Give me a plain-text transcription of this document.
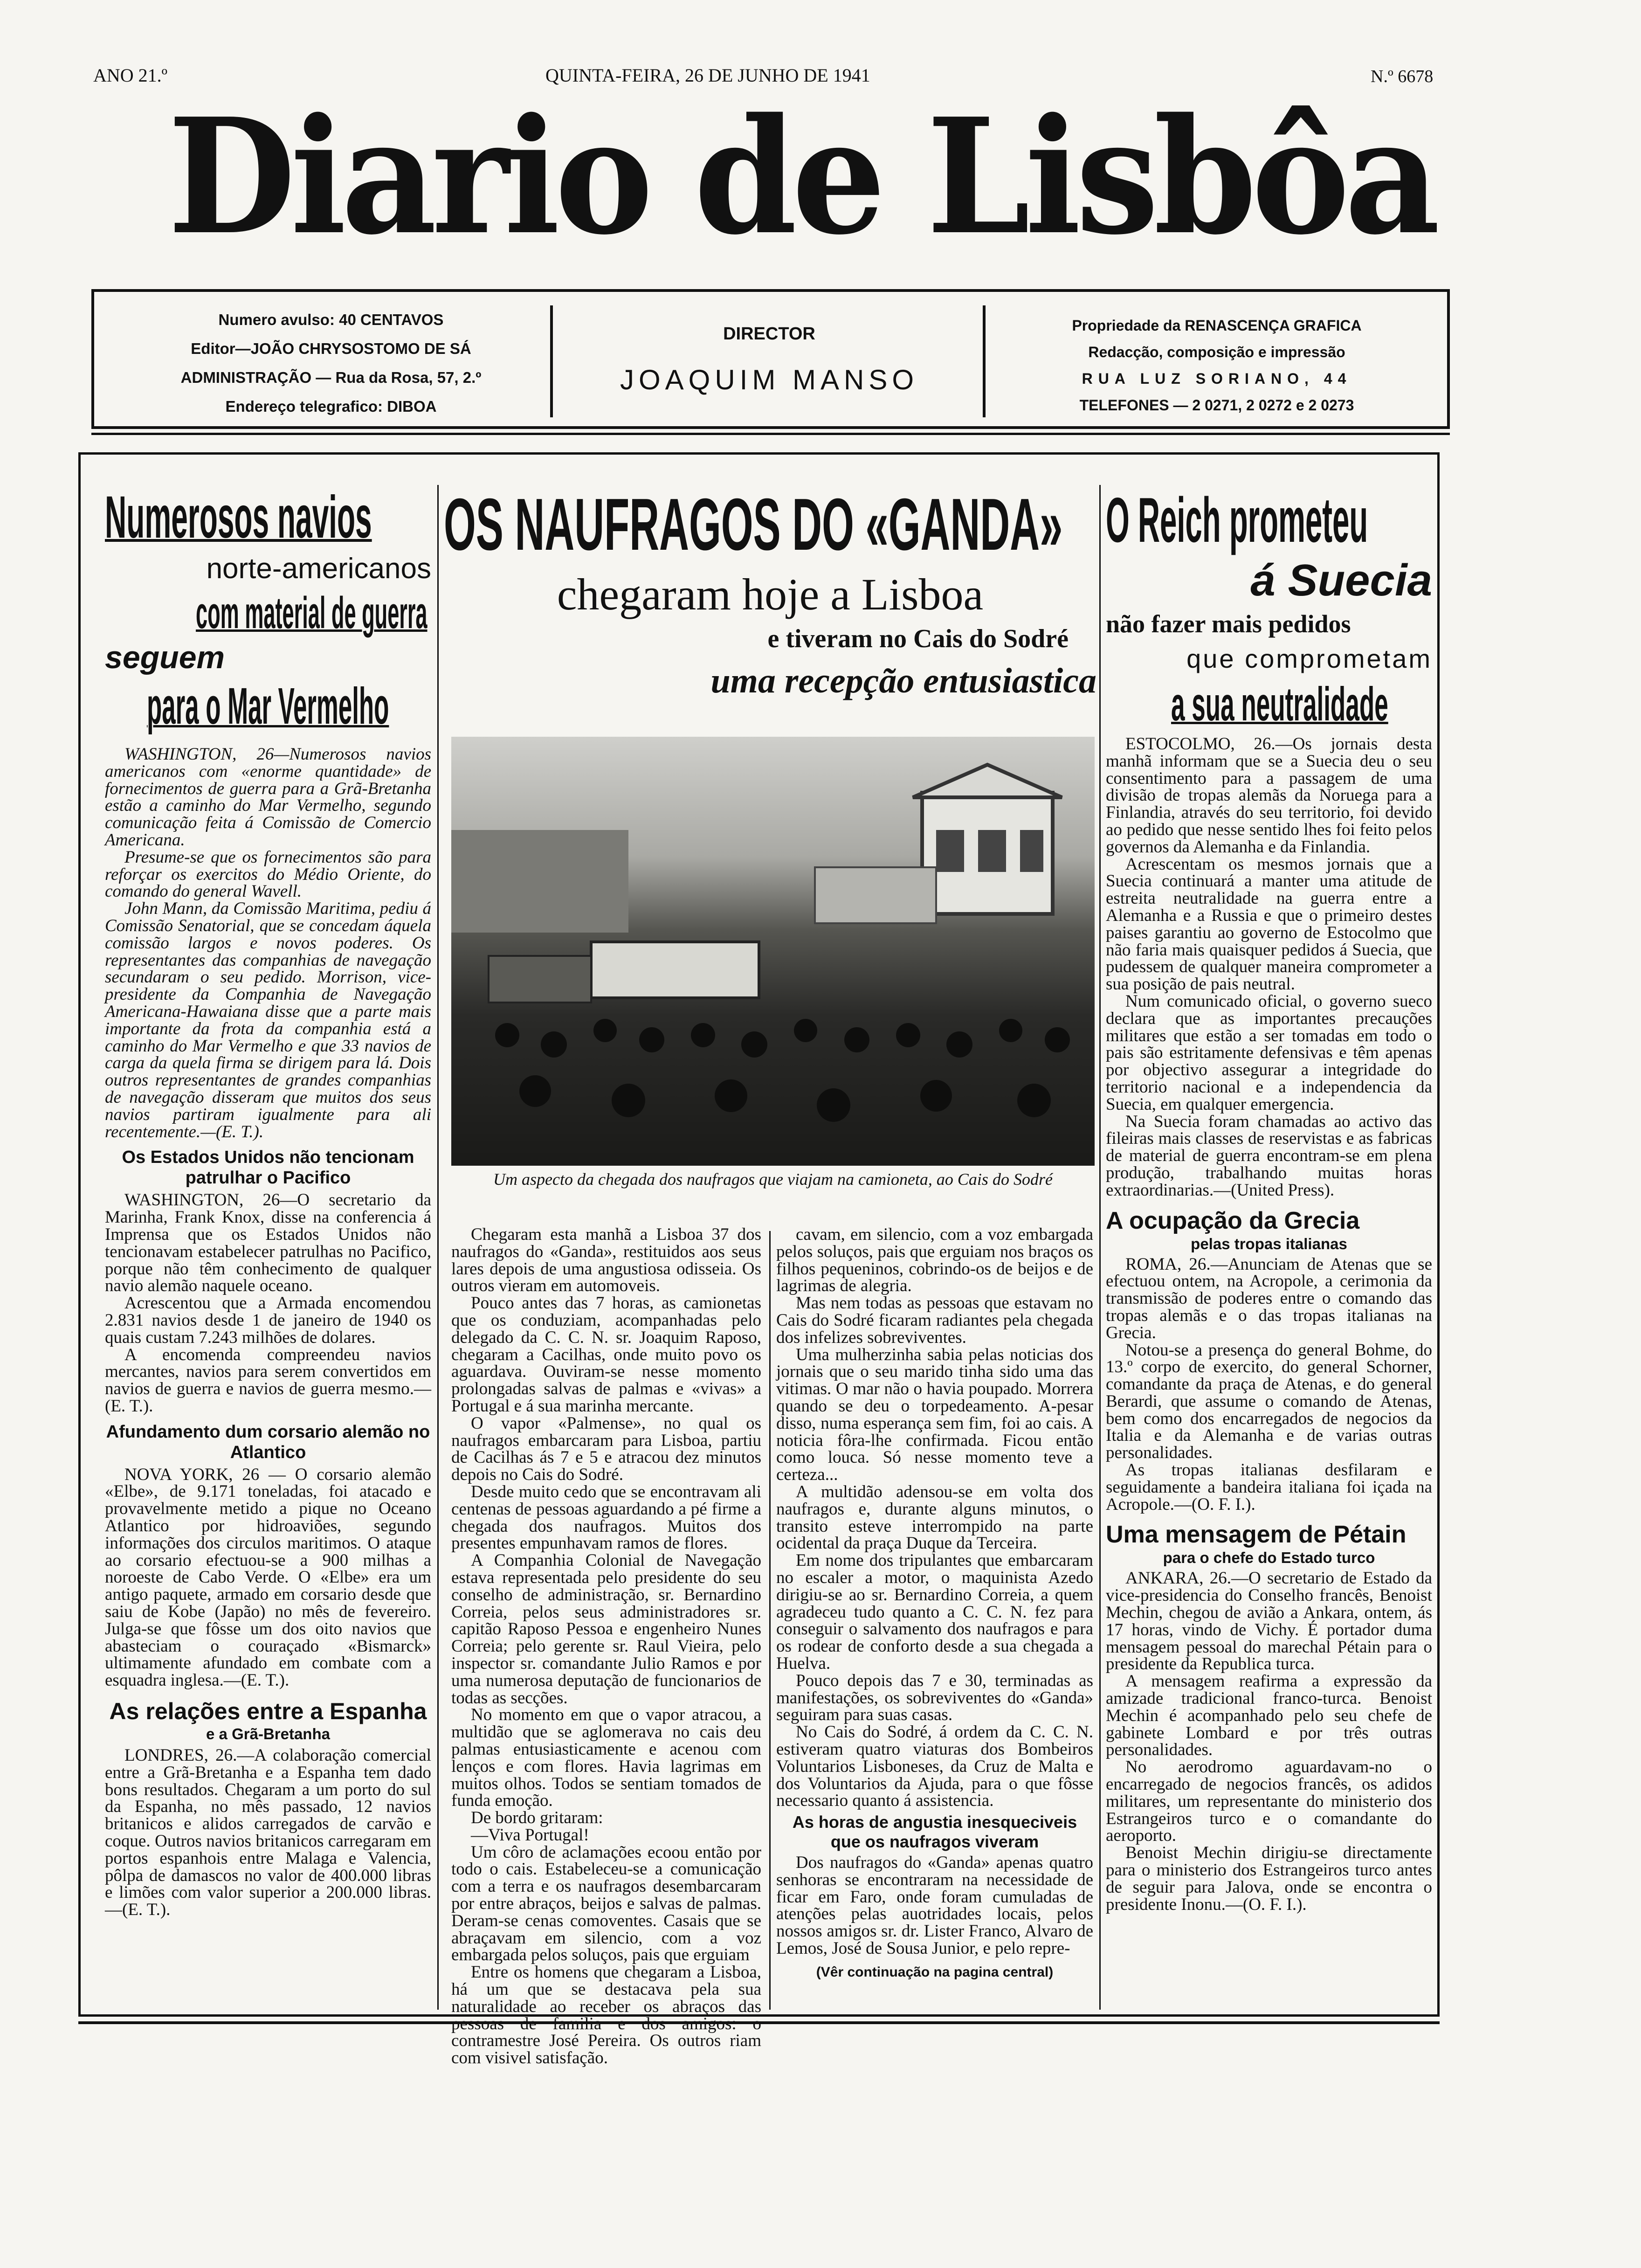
ANO 21.º	QUINTA-FEIRA, 26 DE JUNHO DE 1941	N.º 6678
Diario de Lisbôa
Numero avulso: 40 CENTAVOS
Editor—JOÃO CHRYSOSTOMO DE SÁ
ADMINISTRAÇÃO — Rua da Rosa, 57, 2.º
Endereço telegrafico: DIBOA
DIRECTOR
JOAQUIM MANSO
Propriedade da RENASCENÇA GRAFICA
Redacção, composição e impressão
RUA LUZ SORIANO, 44
TELEFONES — 2 0271, 2 0272 e 2 0273
Numerosos navios
norte-americanos
com material de guerra
seguem
para o Mar Vermelho

WASHINGTON, 26—Numerosos navios americanos com «enorme quantidade» de fornecimentos de guerra para a Grã-Bretanha estão a caminho do Mar Vermelho, segundo comunicação feita á Comissão de Comercio Americana.

Presume-se que os fornecimentos são para reforçar os exercitos do Médio Oriente, do comando do general Wavell.

John Mann, da Comissão Maritima, pediu á Comissão Senatorial, que se concedam áquela comissão largos e novos poderes. Os representantes das companhias de navegação secundaram o seu pedido. Morrison, vice-presidente da Companhia de Navegação Americana-Hawaiana disse que a parte mais importante da frota da companhia está a caminho do Mar Vermelho e que 33 navios de carga da quela firma se dirigem para lá. Dois outros representantes de grandes companhias de navegação disseram que muitos dos seus navios partiram igualmente para ali recentemente.—(E. T.).

Os Estados Unidos não tencionam patrulhar o Pacifico

WASHINGTON, 26—O secretario da Marinha, Frank Knox, disse na conferencia á Imprensa que os Estados Unidos não tencionavam estabelecer patrulhas no Pacifico, porque não têm conhecimento de qualquer navio alemão naquele oceano.

Acrescentou que a Armada encomendou 2.831 navios desde 1 de janeiro de 1940 os quais custam 7.243 milhões de dolares.

A encomenda compreendeu navios mercantes, navios para serem convertidos em navios de guerra e navios de guerra mesmo.—(E. T.).

Afundamento dum corsario alemão no Atlantico

NOVA YORK, 26 — O corsario alemão «Elbe», de 9.171 toneladas, foi atacado e provavelmente metido a pique no Oceano Atlantico por hidroaviões, segundo informações dos circulos maritimos. O ataque ao corsario efectuou-se a 900 milhas a noroeste de Cabo Verde. O «Elbe» era um antigo paquete, armado em corsario desde que saiu de Kobe (Japão) no mês de fevereiro. Julga-se que fôsse um dos oito navios que abasteciam o couraçado «Bismarck» ultimamente afundado em combate com a esquadra inglesa.—(E. T.).

As relações entre a Espanha
e a Grã-Bretanha

LONDRES, 26.—A colaboração comercial entre a Grã-Bretanha e a Espanha tem dado bons resultados. Chegaram a um porto do sul da Espanha, no mês passado, 12 navios britanicos e alidos carregados de carvão e coque. Outros navios britanicos carregaram em portos espanhois entre Malaga e Valencia, pôlpa de damascos no valor de 400.000 libras e limões com valor superior a 200.000 libras.—(E. T.).

OS NAUFRAGOS DO «GANDA»
chegaram hoje a Lisboa
e tiveram no Cais do Sodré
uma recepção entusiastica
Um aspecto da chegada dos naufragos que viajam na camioneta, ao Cais do Sodré

Chegaram esta manhã a Lisboa 37 dos naufragos do «Ganda», restituidos aos seus lares depois de uma angustiosa odisseia. Os outros vieram em automoveis.

Pouco antes das 7 horas, as camionetas que os conduziam, acompanhadas pelo delegado da C. C. N. sr. Joaquim Raposo, chegaram a Cacilhas, onde muito povo os aguardava. Ouviram-se nesse momento prolongadas salvas de palmas e «vivas» a Portugal e á sua marinha mercante.

O vapor «Palmense», no qual os naufragos embarcaram para Lisboa, partiu de Cacilhas ás 7 e 5 e atracou dez minutos depois no Cais do Sodré.

Desde muito cedo que se encontravam ali centenas de pessoas aguardando a pé firme a chegada dos naufragos. Muitos dos presentes empunhavam ramos de flores.

A Companhia Colonial de Navegação estava representada pelo presidente do seu conselho de administração, sr. Bernardino Correia, pelos seus administradores sr. capitão Raposo Pessoa e engenheiro Nunes Correia; pelo gerente sr. Raul Vieira, pelo inspector sr. comandante Julio Ramos e por uma numerosa deputação de funcionarios de todas as secções.

No momento em que o vapor atracou, a multidão que se aglomerava no cais deu palmas entusiasticamente e acenou com lenços e com flores. Havia lagrimas em muitos olhos. Todos se sentiam tomados de funda emoção.

De bordo gritaram:

—Viva Portugal!

Um côro de aclamações ecoou então por todo o cais. Estabeleceu-se a comunicação com a terra e os naufragos desembarcaram por entre abraços, beijos e salvas de palmas. Deram-se cenas comoventes. Casais que se abraçavam em silencio, com a voz embargada pelos soluços, pais que erguiam

Entre os homens que chegaram a Lisboa, há um que se destacava pela sua naturalidade ao receber os abraços das pessoas de familia e dos amigos: o contramestre José Pereira. Os outros riam com visivel satisfação.

cavam, em silencio, com a voz embargada pelos soluços, pais que erguiam nos braços os filhos pequeninos, cobrindo-os de beijos e de lagrimas de alegria.

Mas nem todas as pessoas que estavam no Cais do Sodré ficaram radiantes pela chegada dos infelizes sobreviventes.

Uma mulherzinha sabia pelas noticias dos jornais que o seu marido tinha sido uma das vitimas. O mar não o havia poupado. Morrera quando se deu o torpedeamento. A-pesar disso, numa esperança sem fim, foi ao cais. A noticia fôra-lhe confirmada. Ficou então como louca. Só nesse momento teve a certeza...

A multidão adensou-se em volta dos naufragos e, durante alguns minutos, o transito esteve interrompido na parte ocidental da praça Duque da Terceira.

Em nome dos tripulantes que embarcaram no escaler a motor, o maquinista Azedo dirigiu-se ao sr. Bernardino Correia, a quem agradeceu tudo quanto a C. C. N. fez para conseguir o salvamento dos naufragos e para os rodear de conforto desde a sua chegada a Huelva.

Pouco depois das 7 e 30, terminadas as manifestações, os sobreviventes do «Ganda» seguiram para suas casas.

No Cais do Sodré, á ordem da C. C. N. estiveram quatro viaturas dos Bombeiros Voluntarios Lisboneses, da Cruz de Malta e dos Voluntarios da Ajuda, para o que fôsse necessario quanto á assistencia.

As horas de angustia inesqueciveis que os naufragos viveram

Dos naufragos do «Ganda» apenas quatro senhoras se encontraram na necessidade de ficar em Faro, onde foram cumuladas de atenções pelas auotridades locais, pelos nossos amigos sr. dr. Lister Franco, Alvaro de Lemos, José de Sousa Junior, e pelo repre-

(Vêr continuação na pagina central)
O Reich prometeu
á Suecia
não fazer mais pedidos
que comprometam
a sua neutralidade

ESTOCOLMO, 26.—Os jornais desta manhã informam que se a Suecia deu o seu consentimento para a passagem de uma divisão de tropas alemãs da Noruega para a Finlandia, através do seu territorio, foi devido ao pedido que nesse sentido lhes foi feito pelos governos da Alemanha e da Finlandia.

Acrescentam os mesmos jornais que a Suecia continuará a manter uma atitude de estreita neutralidade na guerra entre a Alemanha e a Russia e que o primeiro destes paises garantiu ao governo de Estocolmo que não faria mais quaisquer pedidos á Suecia, que pudessem de qualquer maneira comprometer a sua posição de pais neutral.

Num comunicado oficial, o governo sueco declara que as importantes precauções militares que estão a ser tomadas em todo o pais são estritamente defensivas e têm apenas por objectivo assegurar a integridade do territorio nacional e a independencia da Suecia, em qualquer emergencia.

Na Suecia foram chamadas ao activo das fileiras mais classes de reservistas e as fabricas de material de guerra encontram-se em plena produção, trabalhando muitas horas extraordinarias.—(United Press).

A ocupação da Grecia
pelas tropas italianas

ROMA, 26.—Anunciam de Atenas que se efectuou ontem, na Acropole, a cerimonia da transmissão de poderes entre o comando das tropas alemãs e o das tropas italianas na Grecia.

Notou-se a presença do general Bohme, do 13.º corpo de exercito, do general Schorner, comandante da praça de Atenas, e do general Berardi, que assume o comando de Atenas, bem como dos encarregados de negocios da Italia e da Alemanha e de varias outras personalidades.

As tropas italianas desfilaram e seguidamente a bandeira italiana foi içada na Acropole.—(O. F. I.).

Uma mensagem de Pétain
para o chefe do Estado turco

ANKARA, 26.—O secretario de Estado da vice-presidencia do Conselho francês, Benoist Mechin, chegou de avião a Ankara, ontem, ás 17 horas, vindo de Vichy. É portador duma mensagem pessoal do marechal Pétain para o presidente da Republica turca.

A mensagem reafirma a expressão da amizade tradicional franco-turca. Benoist Mechin é acompanhado pelo seu chefe de gabinete Lombard e por três outras personalidades.

No aerodromo aguardavam-no o encarregado de negocios francês, os adidos militares, um representante do ministerio dos Estrangeiros turco e o comandante do aeroporto.

Benoist Mechin dirigiu-se directamente para o ministerio dos Estrangeiros turco antes de seguir para Jalova, onde se encontra o presidente Inonu.—(O. F. I.).
